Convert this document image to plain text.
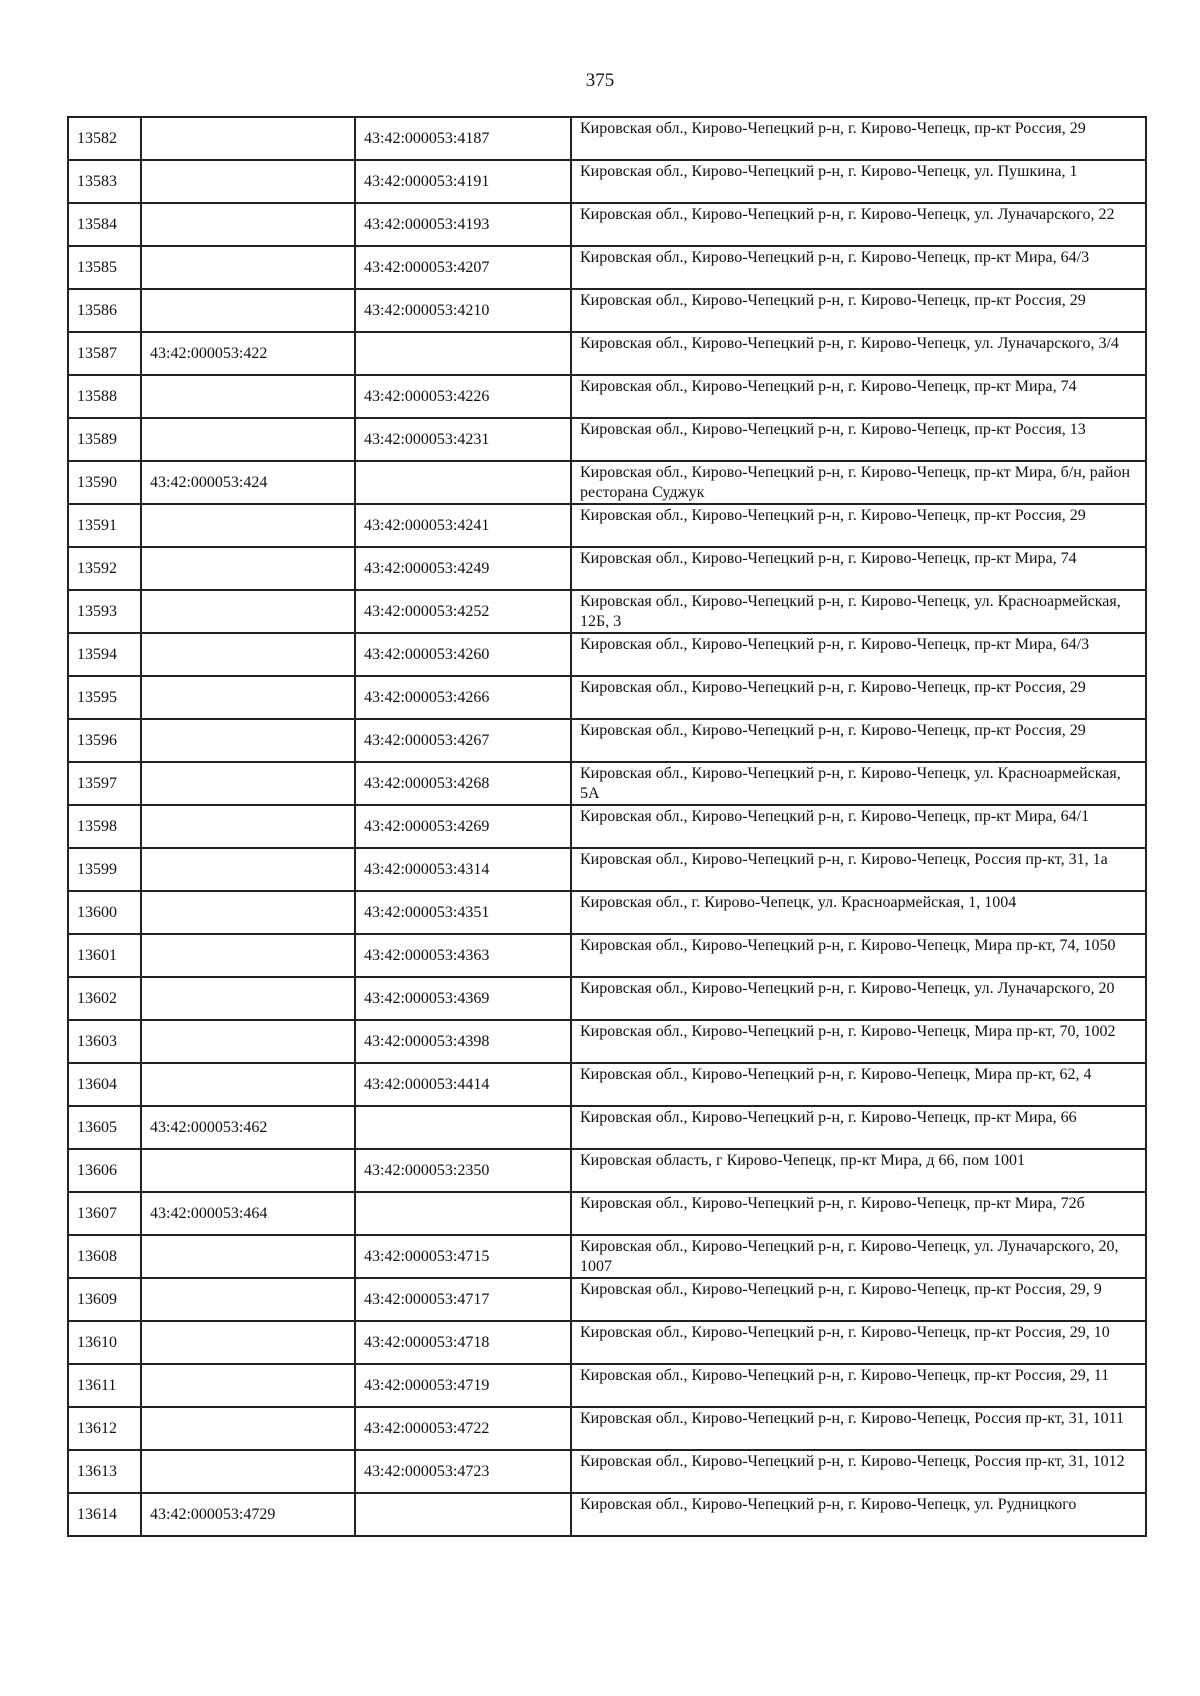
375
13582		43:42:000053:4187	Кировская обл., Кирово-Чепецкий р-н, г. Кирово-Чепецк, пр-кт Россия, 29
13583		43:42:000053:4191	Кировская обл., Кирово-Чепецкий р-н, г. Кирово-Чепецк, ул. Пушкина, 1
13584		43:42:000053:4193	Кировская обл., Кирово-Чепецкий р-н, г. Кирово-Чепецк, ул. Луначарского, 22
13585		43:42:000053:4207	Кировская обл., Кирово-Чепецкий р-н, г. Кирово-Чепецк, пр-кт Мира, 64/3
13586		43:42:000053:4210	Кировская обл., Кирово-Чепецкий р-н, г. Кирово-Чепецк, пр-кт Россия, 29
13587	43:42:000053:422		Кировская обл., Кирово-Чепецкий р-н, г. Кирово-Чепецк, ул. Луначарского, 3/4
13588		43:42:000053:4226	Кировская обл., Кирово-Чепецкий р-н, г. Кирово-Чепецк, пр-кт Мира, 74
13589		43:42:000053:4231	Кировская обл., Кирово-Чепецкий р-н, г. Кирово-Чепецк, пр-кт Россия, 13
13590	43:42:000053:424		Кировская обл., Кирово-Чепецкий р-н, г. Кирово-Чепецк, пр-кт Мира, б/н, район ресторана Суджук
13591		43:42:000053:4241	Кировская обл., Кирово-Чепецкий р-н, г. Кирово-Чепецк, пр-кт Россия, 29
13592		43:42:000053:4249	Кировская обл., Кирово-Чепецкий р-н, г. Кирово-Чепецк, пр-кт Мира, 74
13593		43:42:000053:4252	Кировская обл., Кирово-Чепецкий р-н, г. Кирово-Чепецк, ул. Красноармейская, 12Б, 3
13594		43:42:000053:4260	Кировская обл., Кирово-Чепецкий р-н, г. Кирово-Чепецк, пр-кт Мира, 64/3
13595		43:42:000053:4266	Кировская обл., Кирово-Чепецкий р-н, г. Кирово-Чепецк, пр-кт Россия, 29
13596		43:42:000053:4267	Кировская обл., Кирово-Чепецкий р-н, г. Кирово-Чепецк, пр-кт Россия, 29
13597		43:42:000053:4268	Кировская обл., Кирово-Чепецкий р-н, г. Кирово-Чепецк, ул. Красноармейская, 5А
13598		43:42:000053:4269	Кировская обл., Кирово-Чепецкий р-н, г. Кирово-Чепецк, пр-кт Мира, 64/1
13599		43:42:000053:4314	Кировская обл., Кирово-Чепецкий р-н, г. Кирово-Чепецк, Россия пр-кт, 31, 1а
13600		43:42:000053:4351	Кировская обл., г. Кирово-Чепецк, ул. Красноармейская, 1, 1004
13601		43:42:000053:4363	Кировская обл., Кирово-Чепецкий р-н, г. Кирово-Чепецк, Мира пр-кт, 74, 1050
13602		43:42:000053:4369	Кировская обл., Кирово-Чепецкий р-н, г. Кирово-Чепецк, ул. Луначарского, 20
13603		43:42:000053:4398	Кировская обл., Кирово-Чепецкий р-н, г. Кирово-Чепецк, Мира пр-кт, 70, 1002
13604		43:42:000053:4414	Кировская обл., Кирово-Чепецкий р-н, г. Кирово-Чепецк, Мира пр-кт, 62, 4
13605	43:42:000053:462		Кировская обл., Кирово-Чепецкий р-н, г. Кирово-Чепецк, пр-кт Мира, 66
13606		43:42:000053:2350	Кировская область, г Кирово-Чепецк, пр-кт Мира, д 66, пом 1001
13607	43:42:000053:464		Кировская обл., Кирово-Чепецкий р-н, г. Кирово-Чепецк, пр-кт Мира, 72б
13608		43:42:000053:4715	Кировская обл., Кирово-Чепецкий р-н, г. Кирово-Чепецк, ул. Луначарского, 20, 1007
13609		43:42:000053:4717	Кировская обл., Кирово-Чепецкий р-н, г. Кирово-Чепецк, пр-кт Россия, 29, 9
13610		43:42:000053:4718	Кировская обл., Кирово-Чепецкий р-н, г. Кирово-Чепецк, пр-кт Россия, 29, 10
13611		43:42:000053:4719	Кировская обл., Кирово-Чепецкий р-н, г. Кирово-Чепецк, пр-кт Россия, 29, 11
13612		43:42:000053:4722	Кировская обл., Кирово-Чепецкий р-н, г. Кирово-Чепецк, Россия пр-кт, 31, 1011
13613		43:42:000053:4723	Кировская обл., Кирово-Чепецкий р-н, г. Кирово-Чепецк, Россия пр-кт, 31, 1012
13614	43:42:000053:4729		Кировская обл., Кирово-Чепецкий р-н, г. Кирово-Чепецк, ул. Рудницкого
